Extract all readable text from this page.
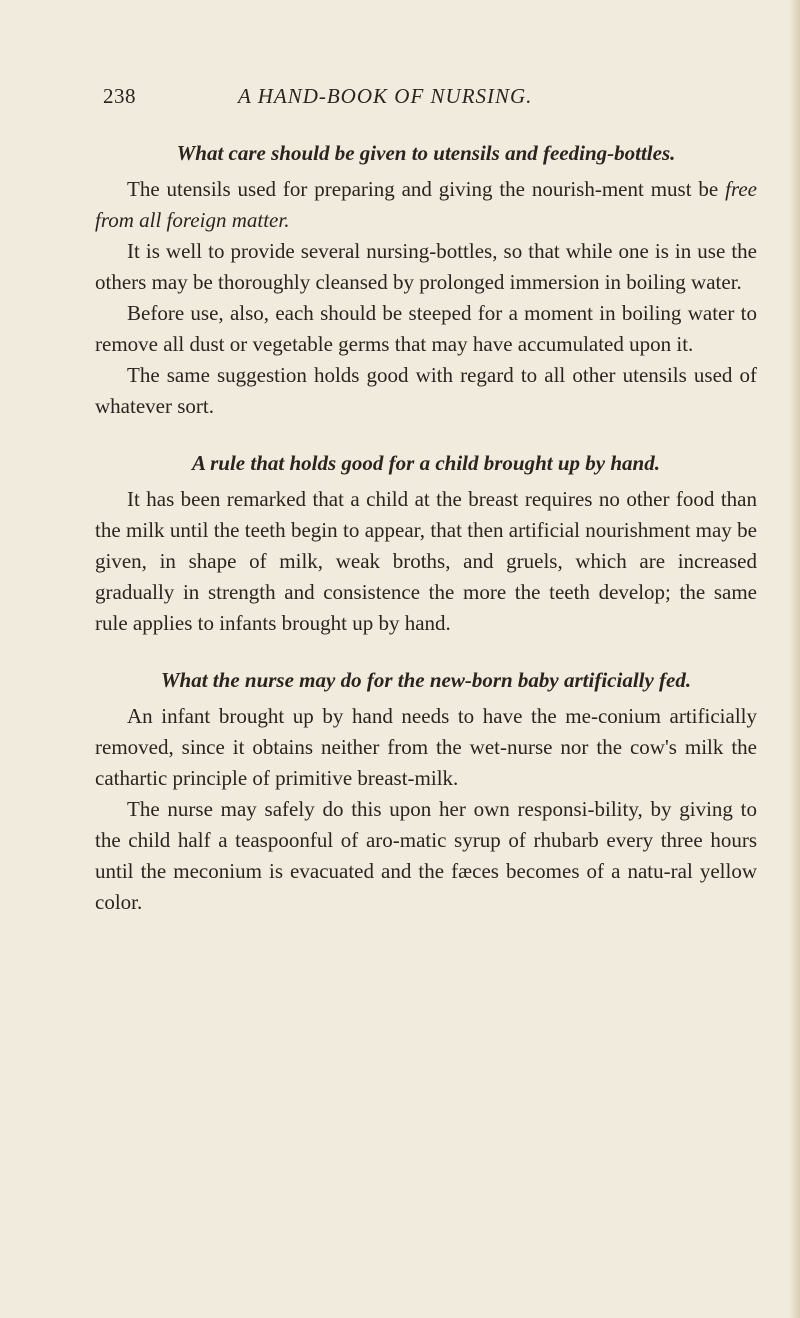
238	A HAND-BOOK OF NURSING.
What care should be given to utensils and feeding-bottles.

The utensils used for preparing and giving the nourish-ment must be free from all foreign matter.

It is well to provide several nursing-bottles, so that while one is in use the others may be thoroughly cleansed by prolonged immersion in boiling water.

Before use, also, each should be steeped for a moment in boiling water to remove all dust or vegetable germs that may have accumulated upon it.

The same suggestion holds good with regard to all other utensils used of whatever sort.

A rule that holds good for a child brought up by hand.

It has been remarked that a child at the breast requires no other food than the milk until the teeth begin to appear, that then artificial nourishment may be given, in shape of milk, weak broths, and gruels, which are increased gradually in strength and consistence the more the teeth develop; the same rule applies to infants brought up by hand.

What the nurse may do for the new-born baby artificially fed.

An infant brought up by hand needs to have the me-conium artificially removed, since it obtains neither from the wet-nurse nor the cow's milk the cathartic principle of primitive breast-milk.

The nurse may safely do this upon her own responsi-bility, by giving to the child half a teaspoonful of aro-matic syrup of rhubarb every three hours until the meconium is evacuated and the fæces becomes of a natu-ral yellow color.
